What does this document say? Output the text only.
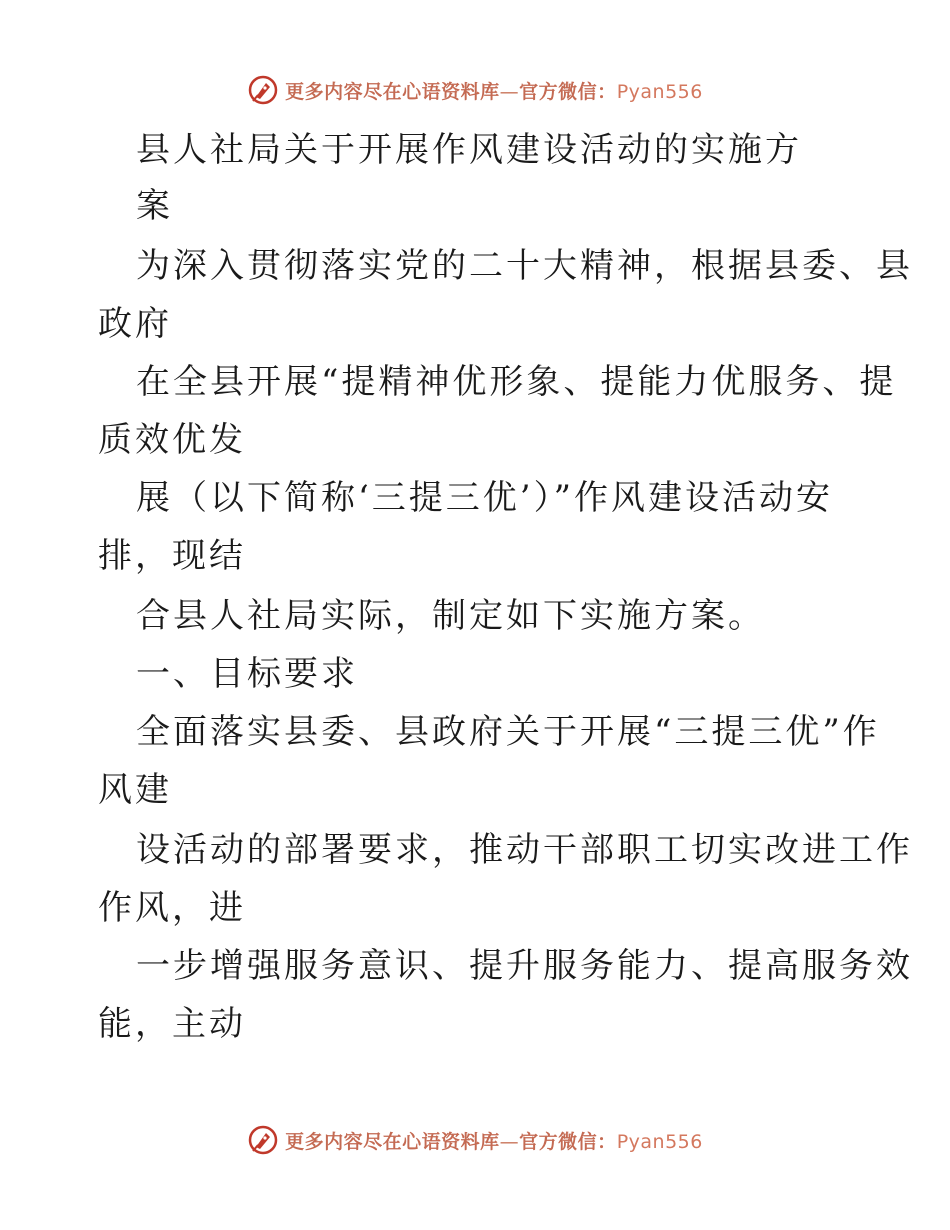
更多内容尽在心语资料库—官方微信：Pyan556
县人社局关于开展作风建设活动的实施方
案
为深入贯彻落实党的二十大精神，根据县委、县
政府
在全县开展“提精神优形象、提能力优服务、提
质效优发
展（以下简称‘三提三优’）”作风建设活动安
排，现结
合县人社局实际，制定如下实施方案。
一、目标要求
全面落实县委、县政府关于开展“三提三优”作
风建
设活动的部署要求，推动干部职工切实改进工作
作风，进
一步增强服务意识、提升服务能力、提高服务效
能，主动
更多内容尽在心语资料库—官方微信：Pyan556
